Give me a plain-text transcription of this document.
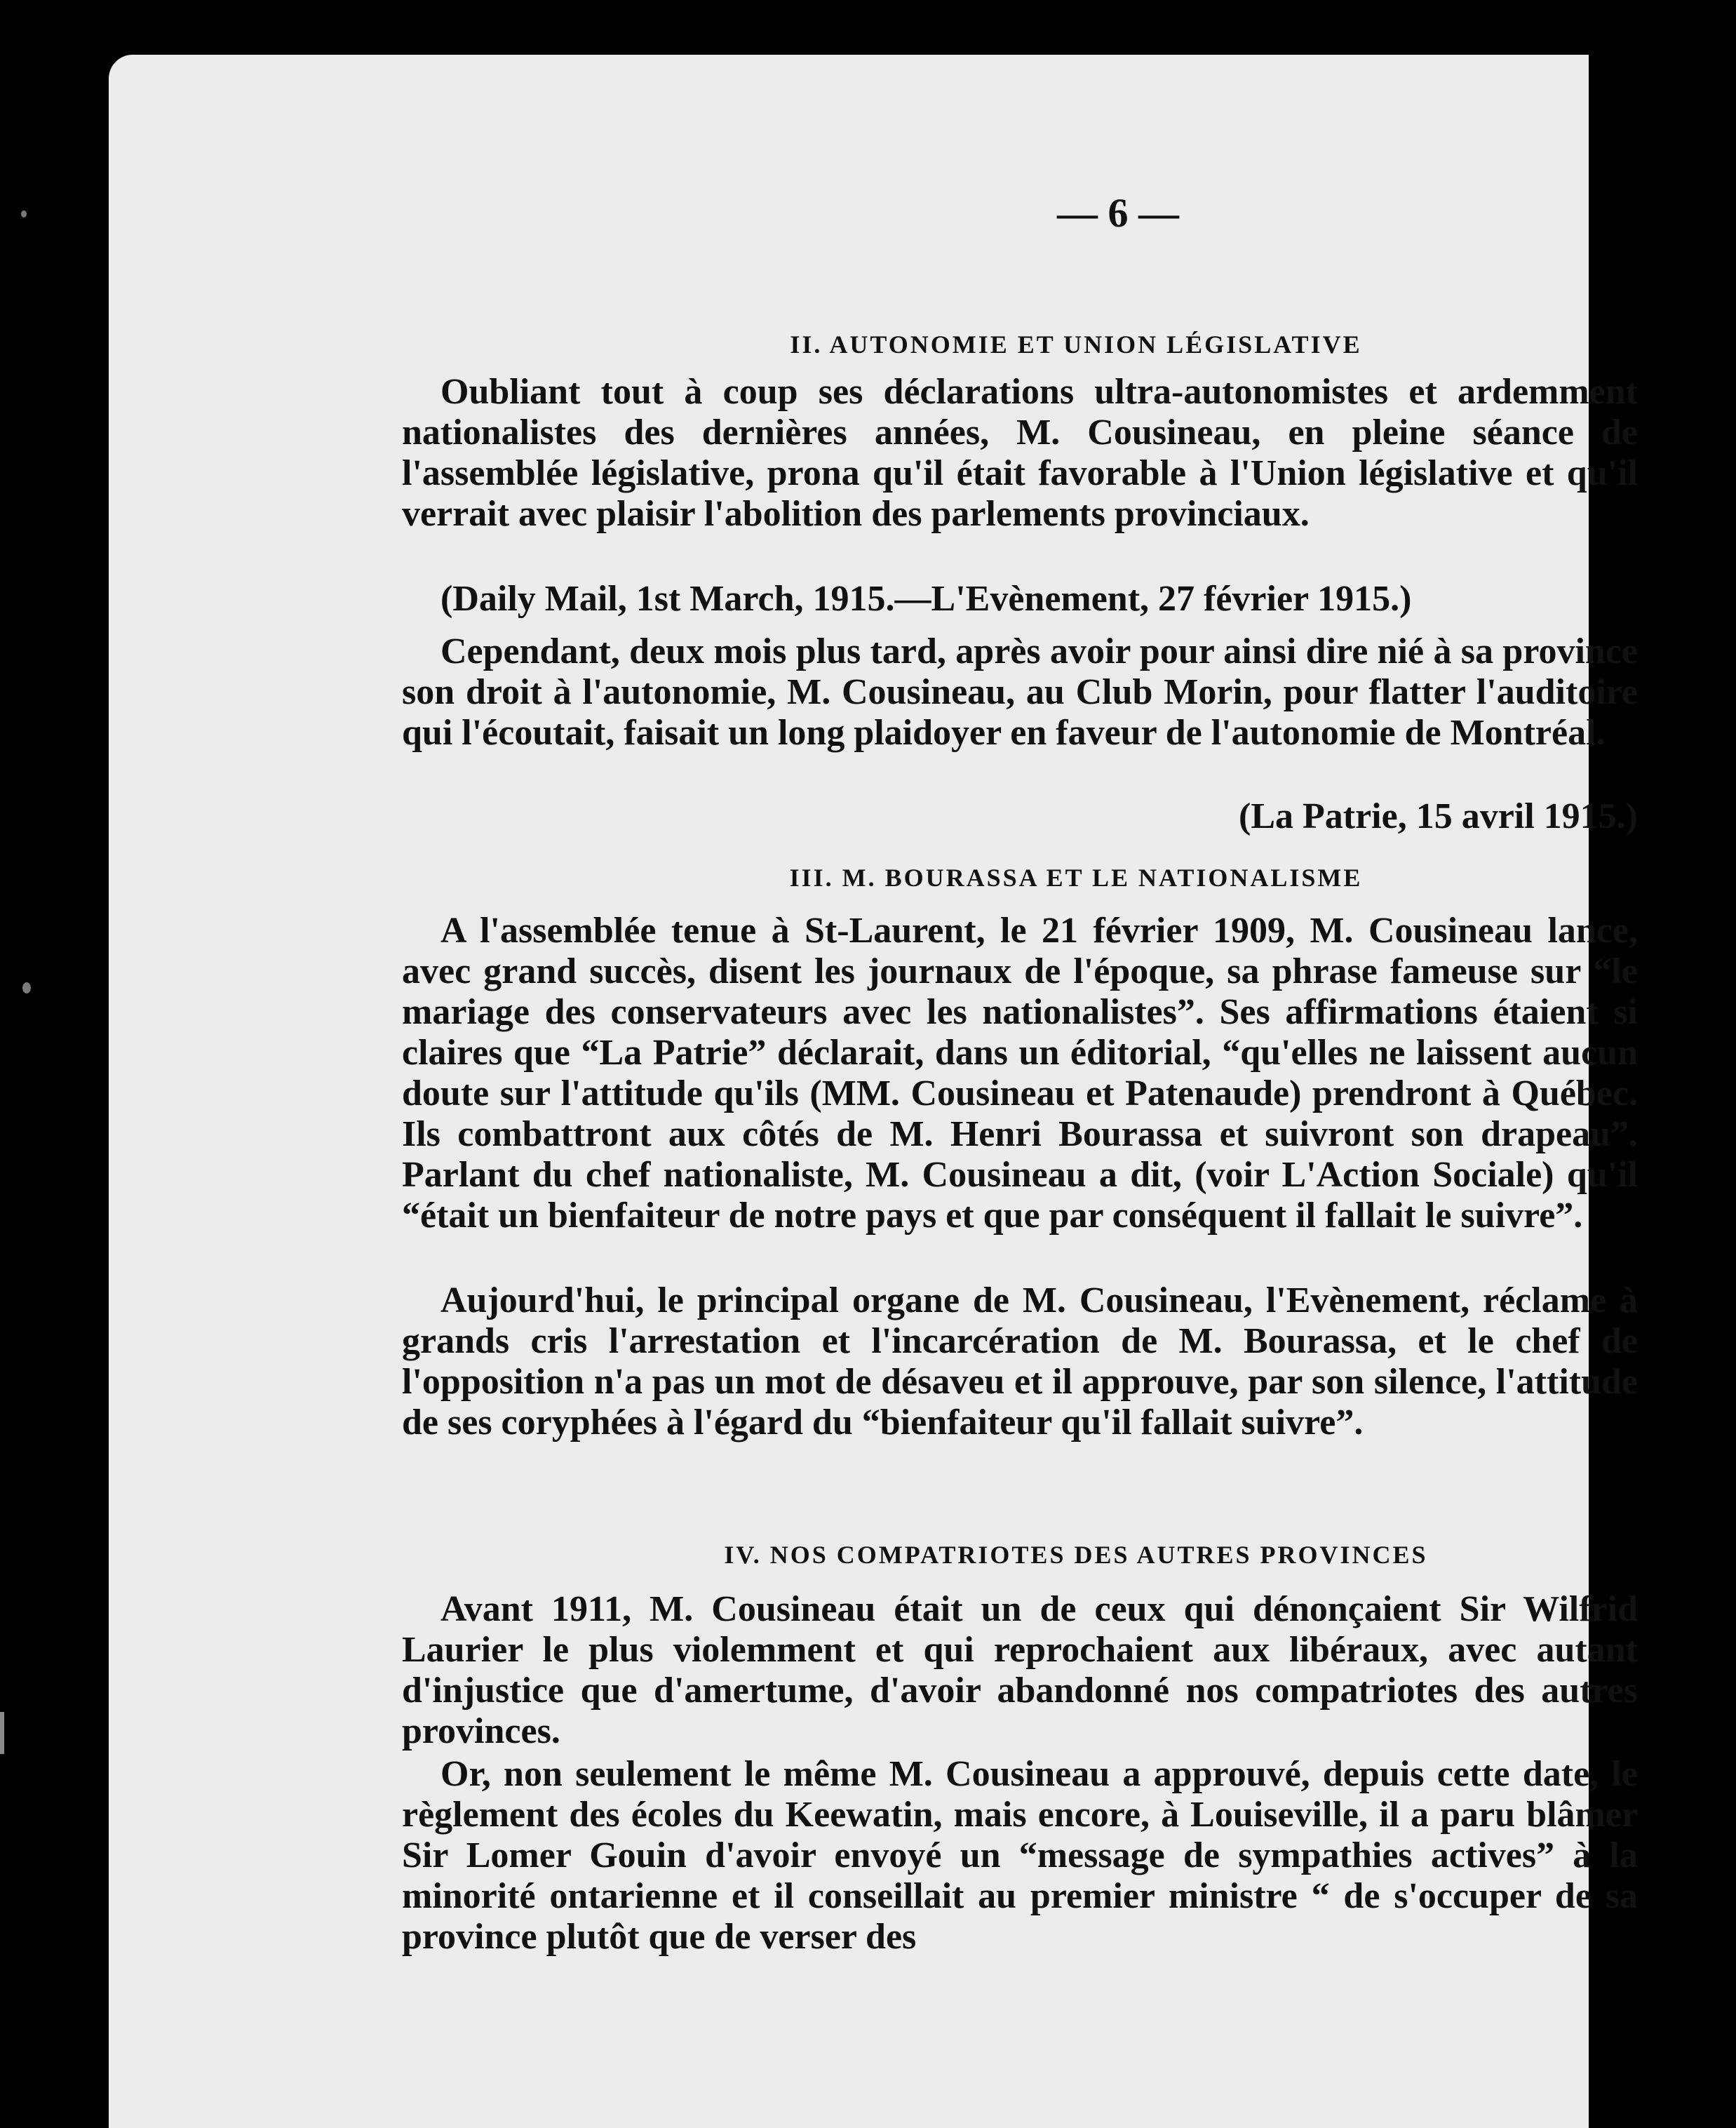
— 6 —
II. AUTONOMIE ET UNION LÉGISLATIVE

Oubliant tout à coup ses déclarations ultra-autonomistes et ardemment nationalistes des dernières années, M. Cousineau, en pleine séance de l'assemblée législative, prona qu'il était favorable à l'Union législative et qu'il verrait avec plaisir l'abolition des parlements provinciaux.

(Daily Mail, 1st March, 1915.—L'Evènement, 27 février 1915.)

Cependant, deux mois plus tard, après avoir pour ainsi dire nié à sa province son droit à l'autonomie, M. Cousineau, au Club Morin, pour flatter l'auditoire qui l'écoutait, faisait un long plaidoyer en faveur de l'autonomie de Montréal.

(La Patrie, 15 avril 1915.)

III. M. BOURASSA ET LE NATIONALISME

A l'assemblée tenue à St-Laurent, le 21 février 1909, M. Cousineau lance, avec grand succès, disent les journaux de l'époque, sa phrase fameuse sur “le mariage des conservateurs avec les nationalistes”. Ses affirmations étaient si claires que “La Patrie” déclarait, dans un éditorial, “qu'elles ne laissent aucun doute sur l'attitude qu'ils (MM. Cousineau et Patenaude) prendront à Québec. Ils combattront aux côtés de M. Henri Bourassa et suivront son drapeau”. Parlant du chef nationaliste, M. Cousineau a dit, (voir L'Action Sociale) qu'il “était un bienfaiteur de notre pays et que par conséquent il fallait le suivre”.

Aujourd'hui, le principal organe de M. Cousineau, l'Evènement, réclame à grands cris l'arrestation et l'incarcération de M. Bourassa, et le chef de l'opposition n'a pas un mot de désaveu et il approuve, par son silence, l'attitude de ses coryphées à l'égard du “bienfaiteur qu'il fallait suivre”.

IV. NOS COMPATRIOTES DES AUTRES PROVINCES

Avant 1911, M. Cousineau était un de ceux qui dénonçaient Sir Wilfrid Laurier le plus violemment et qui reprochaient aux libéraux, avec autant d'injustice que d'amertume, d'avoir abandonné nos compatriotes des autres provinces.

Or, non seulement le même M. Cousineau a approuvé, depuis cette date, le règlement des écoles du Keewatin, mais encore, à Louiseville, il a paru blâmer Sir Lomer Gouin d'avoir envoyé un “message de sympathies actives” à la minorité ontarienne et il conseillait au premier ministre “ de s'occuper de sa province plutôt que de verser des
